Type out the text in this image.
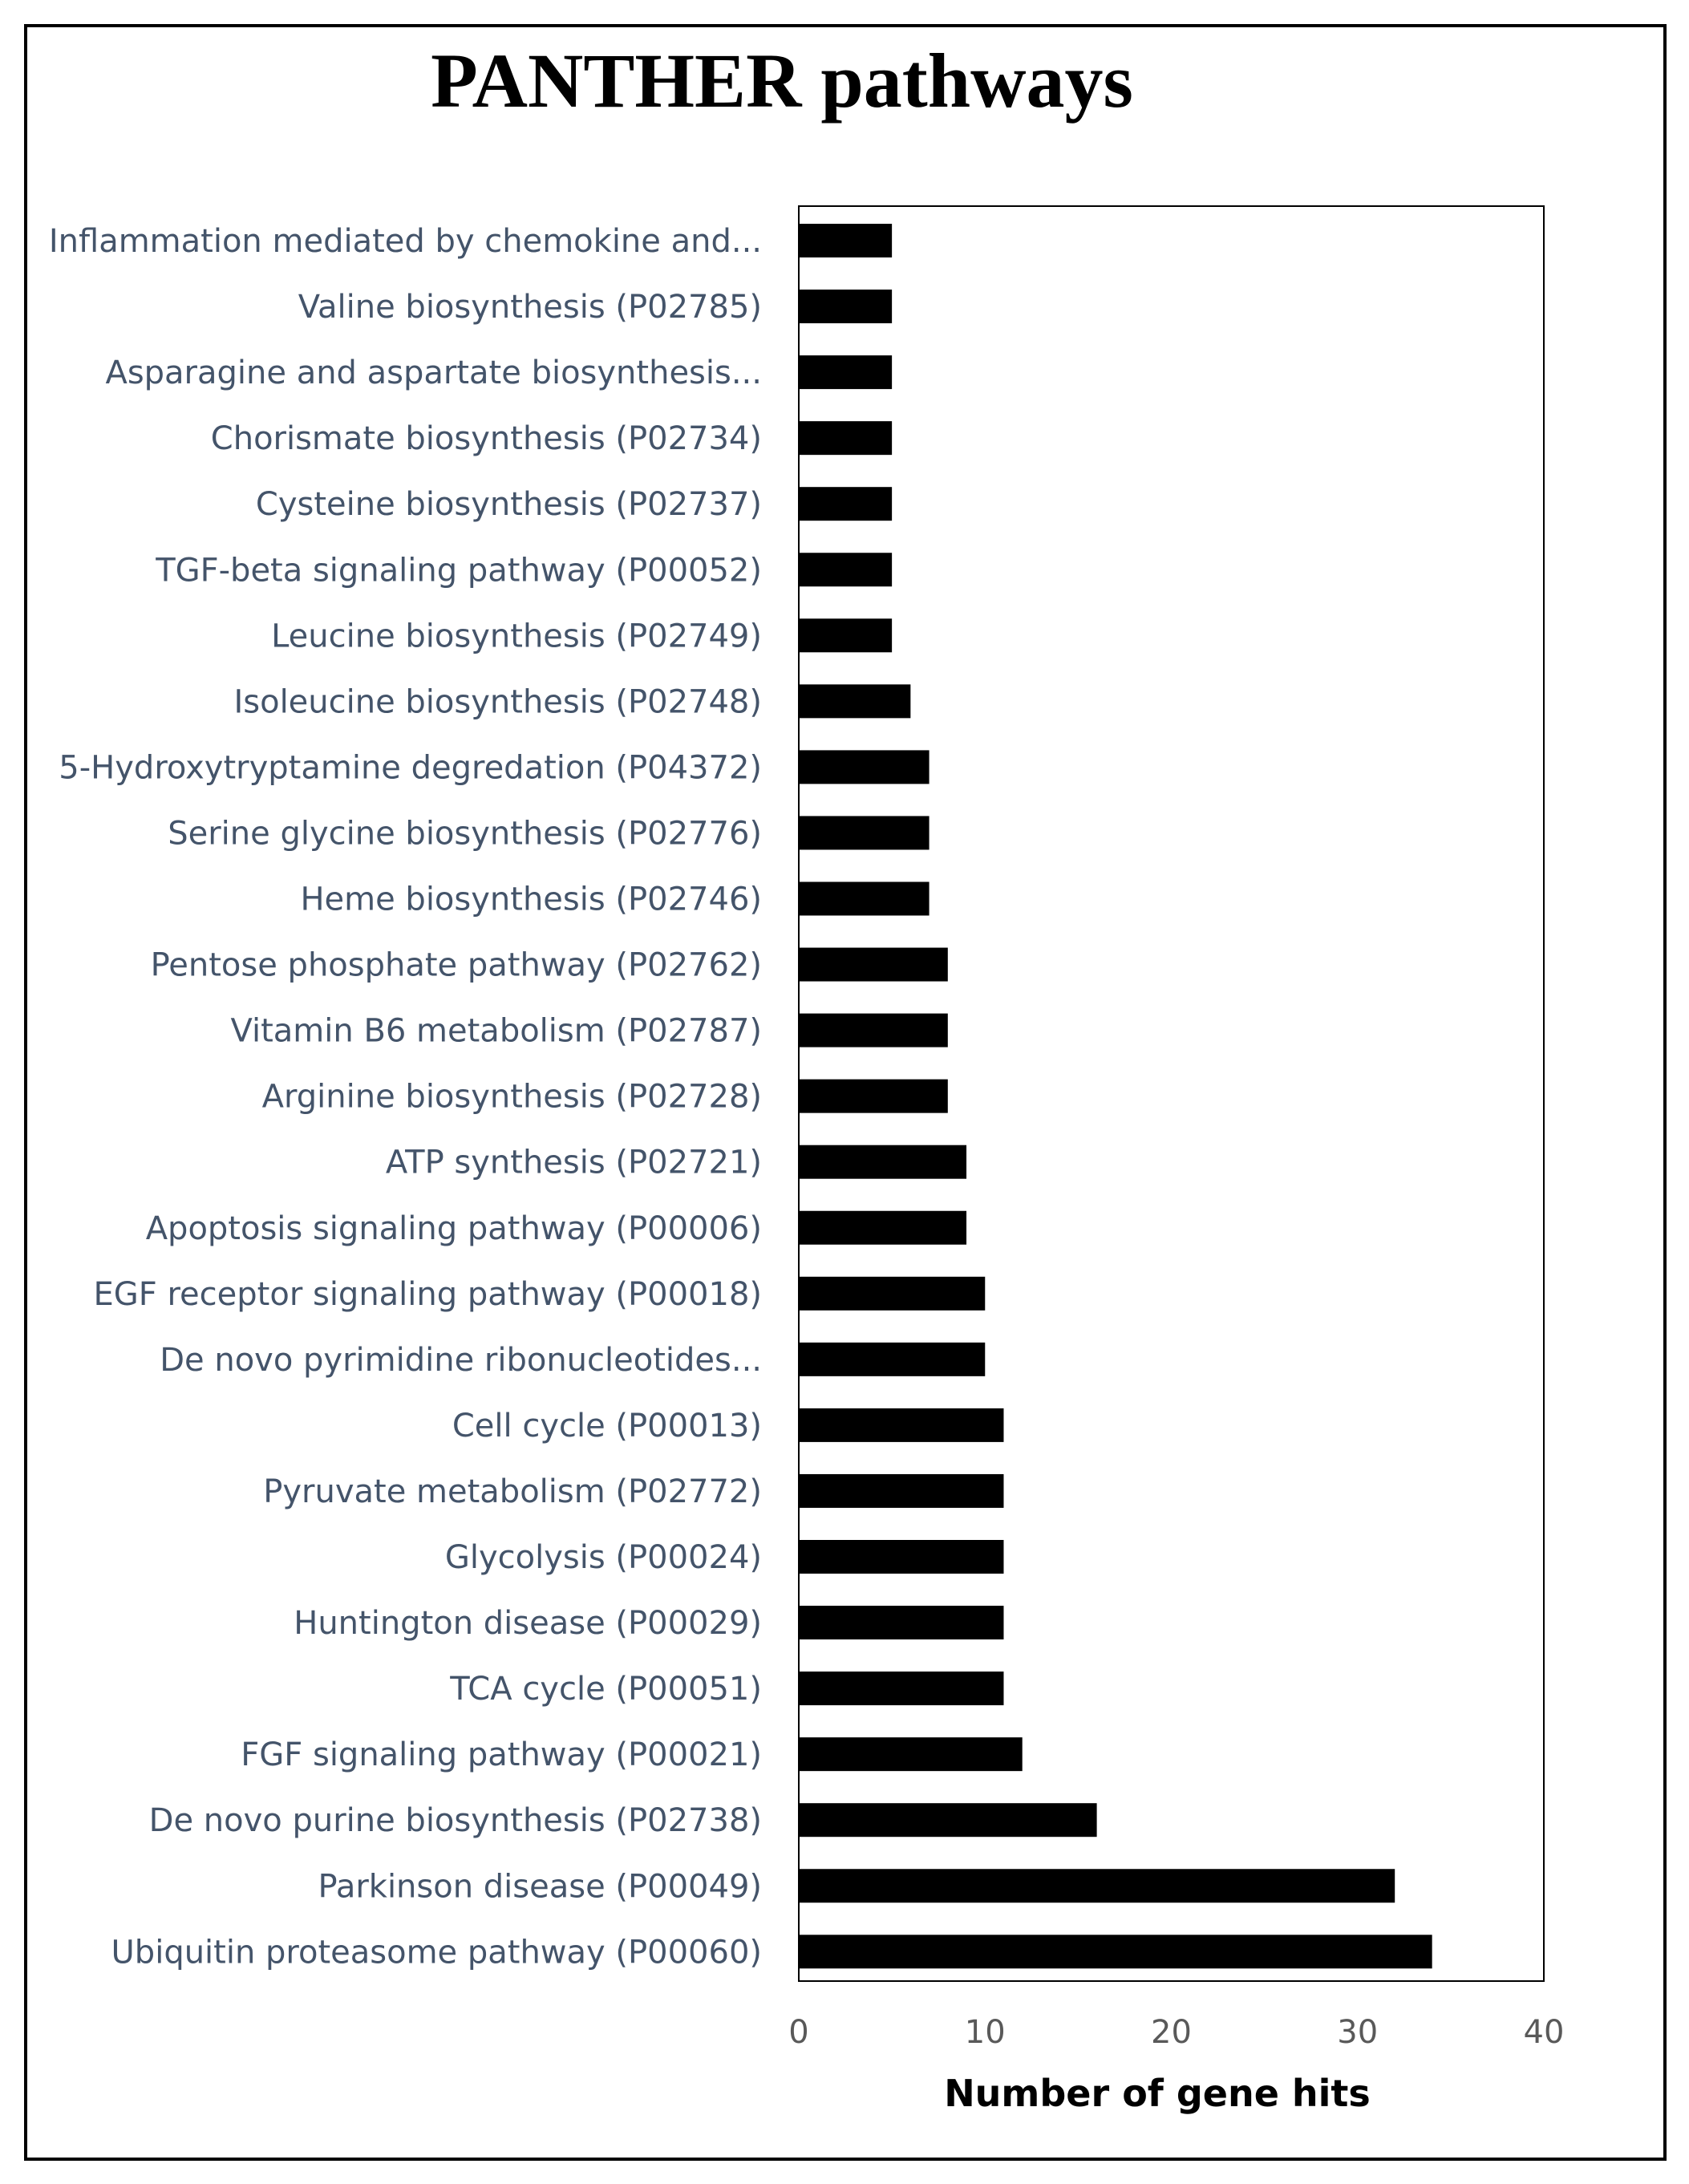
PANTHER pathways
Inflammation mediated by chemokine and...
Valine biosynthesis (P02785)
Asparagine and aspartate biosynthesis...
Chorismate biosynthesis (P02734)
Cysteine biosynthesis (P02737)
TGF-beta signaling pathway (P00052)
Leucine biosynthesis (P02749)
Isoleucine biosynthesis (P02748)
5-Hydroxytryptamine degredation (P04372)
Serine glycine biosynthesis (P02776)
Heme biosynthesis (P02746)
Pentose phosphate pathway (P02762)
Vitamin B6 metabolism (P02787)
Arginine biosynthesis (P02728)
ATP synthesis (P02721)
Apoptosis signaling pathway (P00006)
EGF receptor signaling pathway (P00018)
De novo pyrimidine ribonucleotides...
Cell cycle (P00013)
Pyruvate metabolism (P02772)
Glycolysis (P00024)
Huntington disease (P00029)
TCA cycle (P00051)
FGF signaling pathway (P00021)
De novo purine biosynthesis (P02738)
Parkinson disease (P00049)
Ubiquitin proteasome pathway (P00060)
0	10	20	30	40
Number of gene hits
